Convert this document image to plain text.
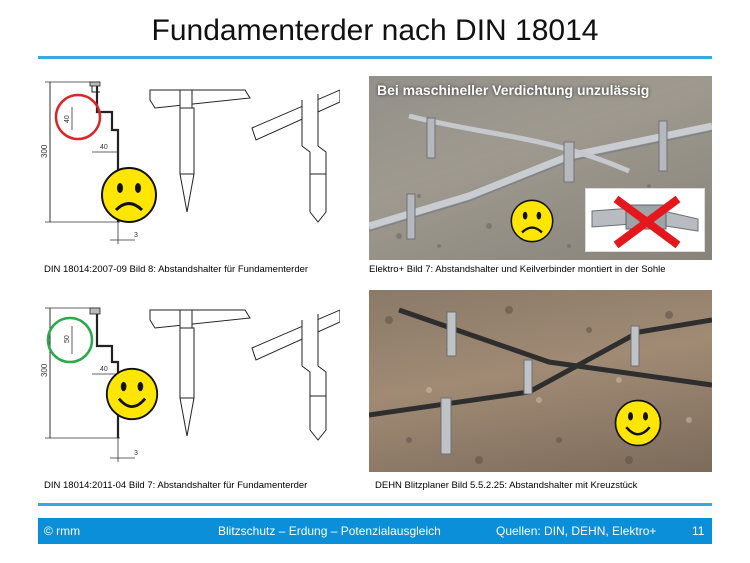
Fundamenterder nach DIN 18014
300
40
40
3
DIN 18014:2007-09 Bild 8: Abstandshalter für Fundamenterder
Bei maschineller Verdichtung unzulässig
Elektro+ Bild 7: Abstandshalter und Keilverbinder montiert in der Sohle
300
50
40
3
DIN 18014:2011-04 Bild 7: Abstandshalter für Fundamenterder	DEHN Blitzplaner Bild 5.5.2.25: Abstandshalter mit Kreuzstück
© rmm	Blitzschutz – Erdung – Potenzialausgleich	Quellen: DIN, DEHN, Elektro+	11
